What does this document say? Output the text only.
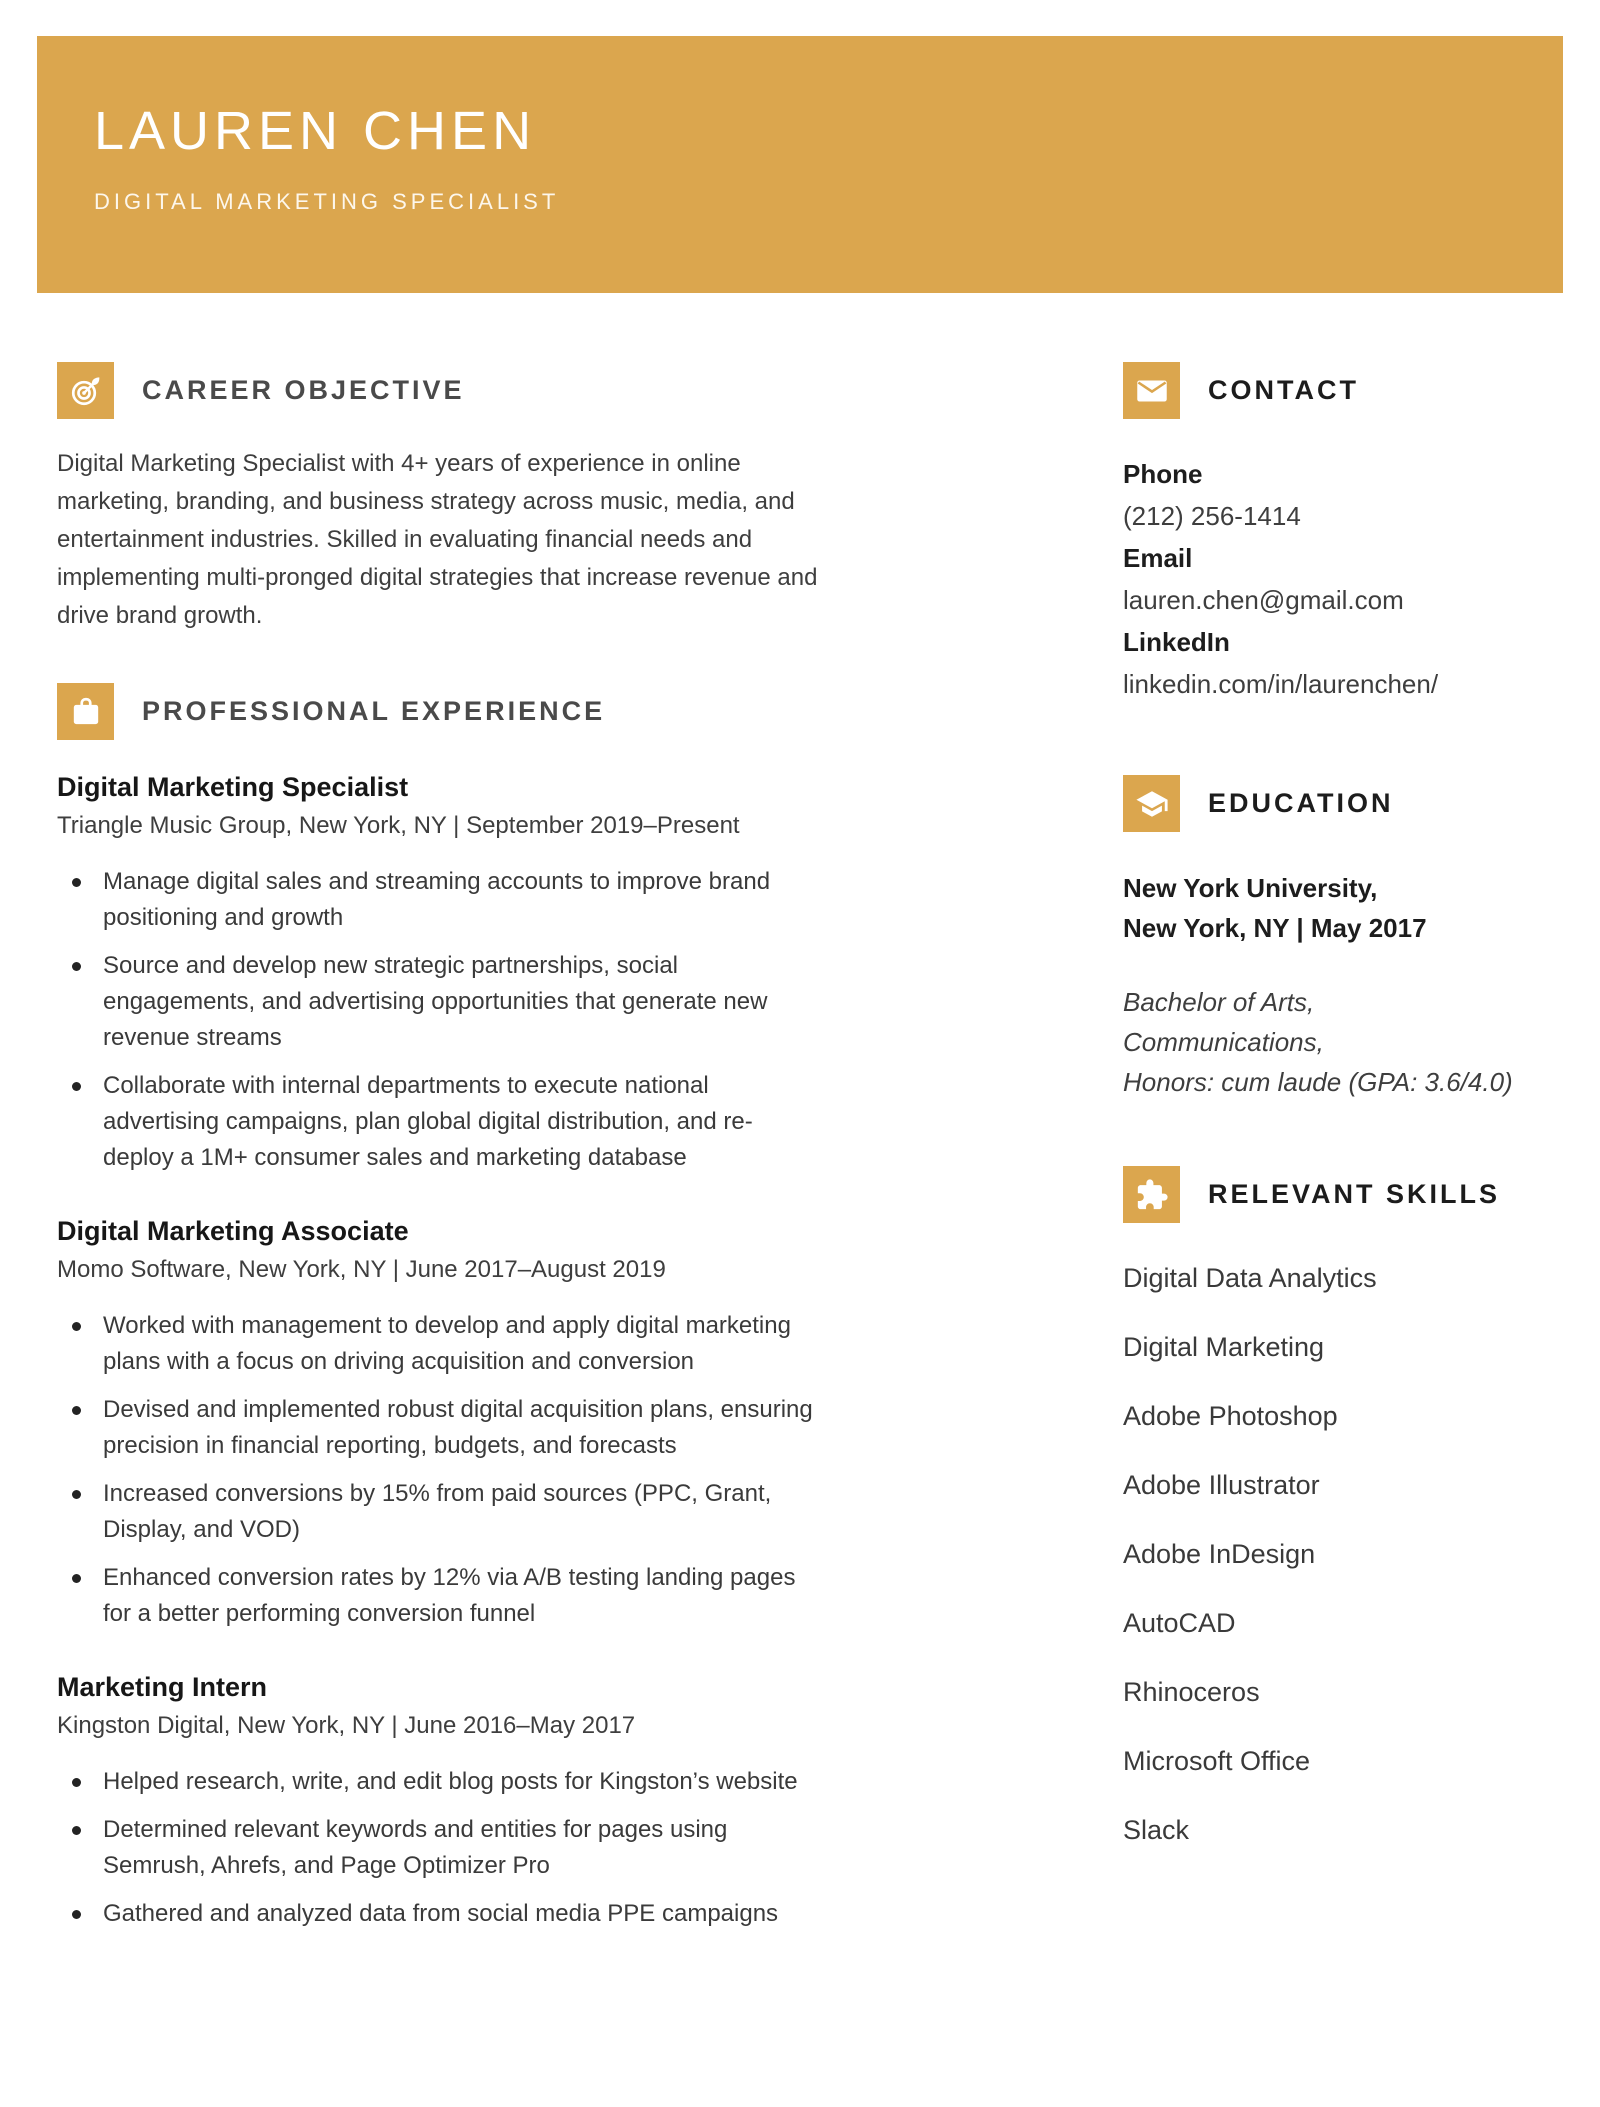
LAUREN CHEN
DIGITAL MARKETING SPECIALIST
CAREER OBJECTIVE

Digital Marketing Specialist with 4+ years of experience in online marketing, branding, and business strategy across music, media, and entertainment industries. Skilled in evaluating financial needs and implementing multi-pronged digital strategies that increase revenue and drive brand growth.

PROFESSIONAL EXPERIENCE
Digital Marketing Specialist
Triangle Music Group, New York, NY | September 2019–Present
Manage digital sales and streaming accounts to improve brand positioning and growth
Source and develop new strategic partnerships, social engagements, and advertising opportunities that generate new revenue streams
Collaborate with internal departments to execute national advertising campaigns, plan global digital distribution, and re-deploy a 1M+ consumer sales and marketing database
Digital Marketing Associate
Momo Software, New York, NY | June 2017–August 2019
Worked with management to develop and apply digital marketing plans with a focus on driving acquisition and conversion
Devised and implemented robust digital acquisition plans, ensuring precision in financial reporting, budgets, and forecasts
Increased conversions by 15% from paid sources (PPC, Grant, Display, and VOD)
Enhanced conversion rates by 12% via A/B testing landing pages for a better performing conversion funnel
Marketing Intern
Kingston Digital, New York, NY | June 2016–May 2017
Helped research, write, and edit blog posts for Kingston’s website
Determined relevant keywords and entities for pages using Semrush, Ahrefs, and Page Optimizer Pro
Gathered and analyzed data from social media PPE campaigns
CONTACT
Phone
(212) 256-1414
Email
lauren.chen@gmail.com
LinkedIn
linkedin.com/in/laurenchen/
EDUCATION
New York University,
New York, NY | May 2017
Bachelor of Arts,
Communications,
Honors: cum laude (GPA: 3.6/4.0)
RELEVANT SKILLS
Digital Data Analytics
Digital Marketing
Adobe Photoshop
Adobe Illustrator
Adobe InDesign
AutoCAD
Rhinoceros
Microsoft Office
Slack
